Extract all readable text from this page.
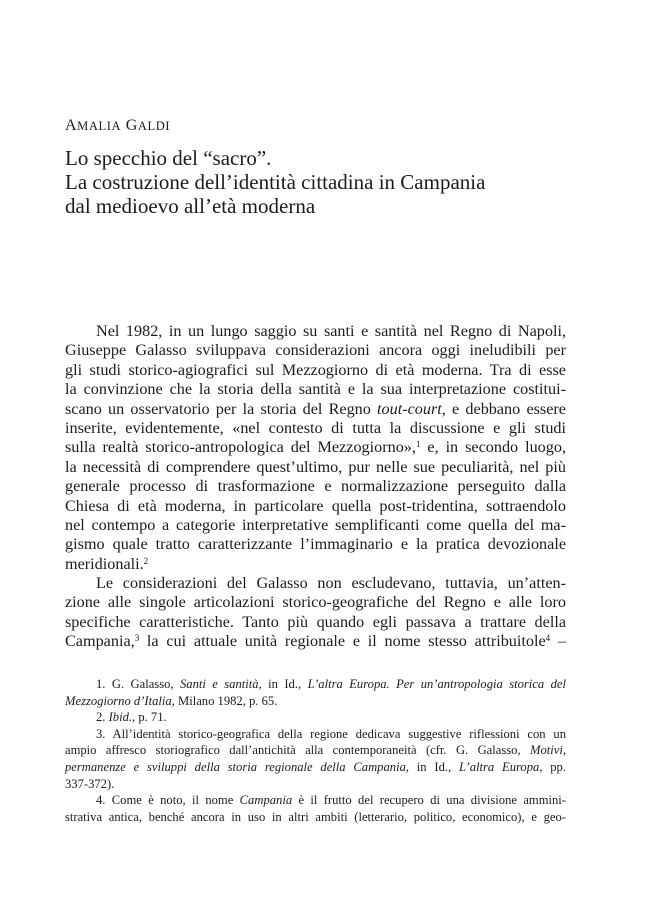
AMALIA GALDI
Lo specchio del “sacro”.
La costruzione dell’identità cittadina in Campania
dal medioevo all’età moderna
Nel 1982, in un lungo saggio su santi e santità nel Regno di Napoli,
Giuseppe Galasso sviluppava considerazioni ancora oggi ineludibili per
gli studi storico-agiografici sul Mezzogiorno di età moderna. Tra di esse
la convinzione che la storia della santità e la sua interpretazione costitui-
scano un osservatorio per la storia del Regno tout-court, e debbano essere
inserite, evidentemente, «nel contesto di tutta la discussione e gli studi
sulla realtà storico-antropologica del Mezzogiorno»,$^1$ e, in secondo luogo,
la necessità di comprendere quest’ultimo, pur nelle sue peculiarità, nel più
generale processo di trasformazione e normalizzazione perseguito dalla
Chiesa di età moderna, in particolare quella post-tridentina, sottraendolo
nel contempo a categorie interpretative semplificanti come quella del ma-
gismo quale tratto caratterizzante l’immaginario e la pratica devozionale
meridionali.$^2$
Le considerazioni del Galasso non escludevano, tuttavia, un’atten-
zione alle singole articolazioni storico-geografiche del Regno e alle loro
specifiche caratteristiche. Tanto più quando egli passava a trattare della
Campania,$^3$ la cui attuale unità regionale e il nome stesso attribuitole$^4$ –
1. G. Galasso, Santi e santità, in Id., L’altra Europa. Per un’antropologia storica del
Mezzogiorno d’Italia, Milano 1982, p. 65.
2. Ibid., p. 71.
3. All’identità storico-geografica della regione dedicava suggestive riflessioni con un
ampio affresco storiografico dall’antichità alla contemporaneità (cfr. G. Galasso, Motivi,
permanenze e sviluppi della storia regionale della Campania, in Id., L’altra Europa, pp.
337-372).
4. Come è noto, il nome Campania è il frutto del recupero di una divisione ammini-
strativa antica, benché ancora in uso in altri ambiti (letterario, politico, economico), e geo-
